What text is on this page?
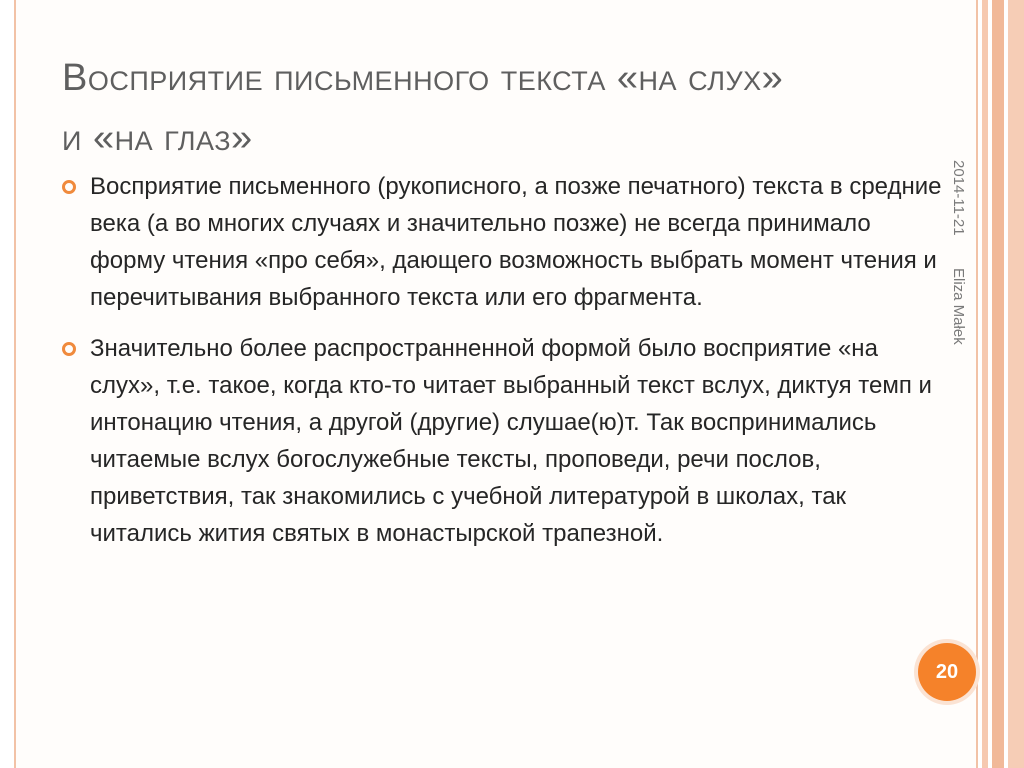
Восприятие письменного текста «на слух»
и «на глаз»
2014-11-21 Eliza Małek
Восприятие письменного (рукописного, а позже печатного) текста в средние века (а во многих случаях и значительно позже) не всегда принимало форму чтения «про себя», дающего возможность выбрать момент чтения и перечитывания выбранного текста или его фрагмента.
Значительно более распространненной формой было восприятие «на слух», т.е. такое, когда кто-то читает выбранный текст вслух, диктуя темп и интонацию чтения, а другой (другие) слушае(ю)т. Так воспринимались читаемые вслух богослужебные тексты, проповеди, речи послов, приветствия, так знакомились с учебной литературой в школах, так читались жития святых в монастырской трапезной.
20
